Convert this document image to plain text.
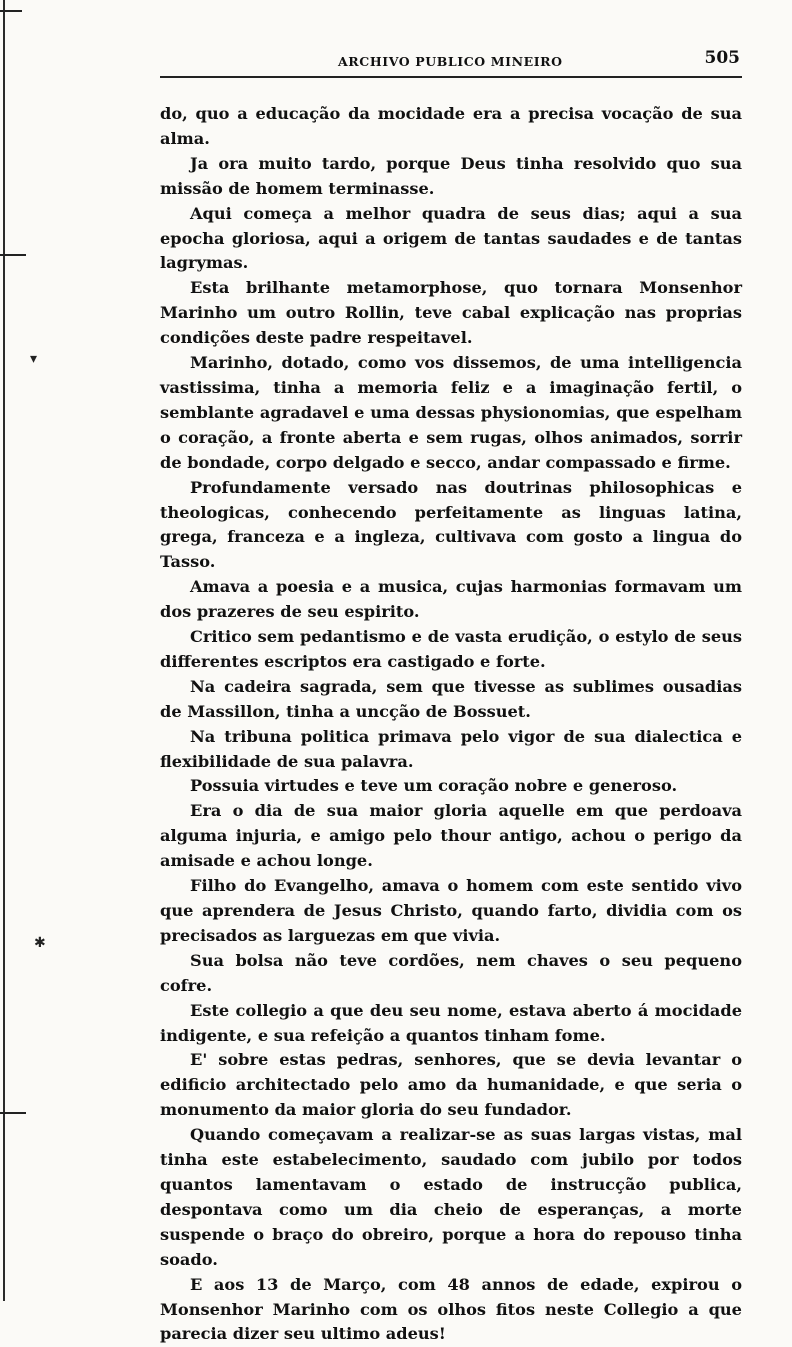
▾
✱
ARCHIVO PUBLICO MINEIRO	505

do, quo a educação da mocidade era a precisa vocação de sua alma.

Ja ora muito tardo, porque Deus tinha resolvido quo sua missão de homem terminasse.

Aqui começa a melhor quadra de seus dias; aqui a sua epocha gloriosa, aqui a origem de tantas saudades e de tantas lagrymas.

Esta brilhante metamorphose, quo tornara Monsenhor Marinho um outro Rollin, teve cabal explicação nas proprias condições deste padre respeitavel.

Marinho, dotado, como vos dissemos, de uma intelligencia vastissima, tinha a memoria feliz e a imaginação fertil, o semblante agradavel e uma dessas physionomias, que espelham o coração, a fronte aberta e sem rugas, olhos animados, sorrir de bondade, corpo delgado e secco, andar compassado e firme.

Profundamente versado nas doutrinas philosophicas e theologicas, conhecendo perfeitamente as linguas latina, grega, franceza e a ingleza, cultivava com gosto a lingua do Tasso.

Amava a poesia e a musica, cujas harmonias formavam um dos prazeres de seu espirito.

Critico sem pedantismo e de vasta erudição, o estylo de seus differentes escriptos era castigado e forte.

Na cadeira sagrada, sem que tivesse as sublimes ousadias de Massillon, tinha a uncção de Bossuet.

Na tribuna politica primava pelo vigor de sua dialectica e flexibilidade de sua palavra.

Possuia virtudes e teve um coração nobre e generoso.

Era o dia de sua maior gloria aquelle em que perdoava alguma injuria, e amigo pelo thour antigo, achou o perigo da amisade e achou longe.

Filho do Evangelho, amava o homem com este sentido vivo que aprendera de Jesus Christo, quando farto, dividia com os precisados as larguezas em que vivia.

Sua bolsa não teve cordões, nem chaves o seu pequeno cofre.

Este collegio a que deu seu nome, estava aberto á mocidade indigente, e sua refeição a quantos tinham fome.

E' sobre estas pedras, senhores, que se devia levantar o edificio architectado pelo amo da humanidade, e que seria o monumento da maior gloria do seu fundador.

Quando começavam a realizar-se as suas largas vistas, mal tinha este estabelecimento, saudado com jubilo por todos quantos lamentavam o estado de instrucção publica, despontava como um dia cheio de esperanças, a morte suspende o braço do obreiro, porque a hora do repouso tinha soado.

E aos 13 de Março, com 48 annos de edade, expirou o Monsenhor Marinho com os olhos fitos neste Collegio a que parecia dizer seu ultimo adeus!
